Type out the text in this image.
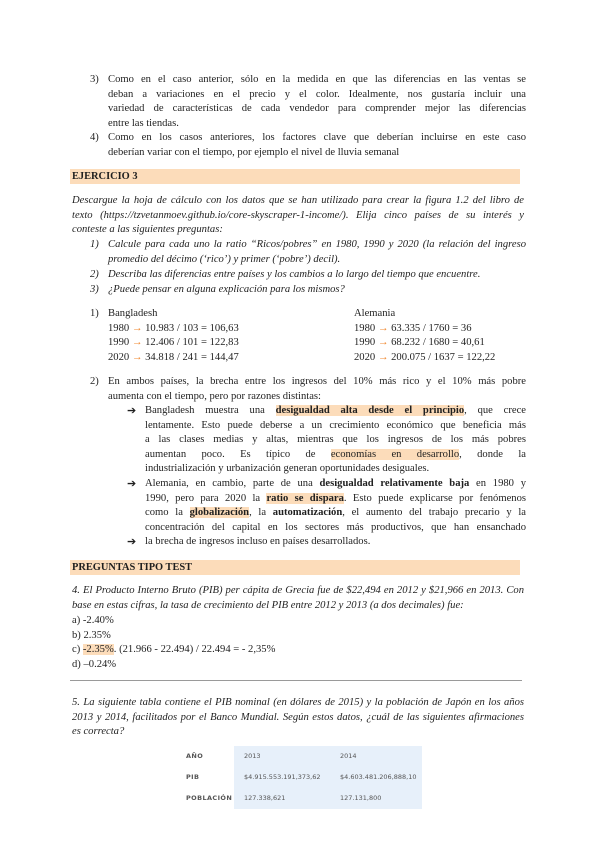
3) Como en el caso anterior, sólo en la medida en que las diferencias en las ventas se
deban a variaciones en el precio y el color. Idealmente, nos gustaría incluir una
variedad de características de cada vendedor para comprender mejor las diferencias
entre las tiendas.
4) Como en los casos anteriores, los factores clave que deberían incluirse en este caso
deberían variar con el tiempo, por ejemplo el nivel de lluvia semanal
EJERCICIO 3
Descargue la hoja de cálculo con los datos que se han utilizado para crear la figura 1.2 del libro de
texto (https://tzvetanmoev.github.io/core-skyscraper-1-income/). Elija cinco países de su interés y
conteste a las siguientes preguntas:
1) Calcule para cada uno la ratio “Ricos/pobres” en 1980, 1990 y 2020 (la relación del ingreso
promedio del décimo (‘rico’) y primer (‘pobre’) decil).
2) Describa las diferencias entre países y los cambios a lo largo del tiempo que encuentre.
3) ¿Puede pensar en alguna explicación para los mismos?
1) Bangladesh
1980 → 10.983 / 103 = 106,63
1990 → 12.406 / 101 = 122,83
2020 → 34.818 / 241 = 144,47
Alemania
1980 → 63.335 / 1760 = 36
1990 → 68.232 / 1680 = 40,61
2020 → 200.075 / 1637 = 122,22
2) En ambos países, la brecha entre los ingresos del 10% más rico y el 10% más pobre
aumenta con el tiempo, pero por razones distintas:
➔ Bangladesh muestra una desigualdad alta desde el principio, que crece
lentamente. Esto puede deberse a un crecimiento económico que beneficia más
a las clases medias y altas, mientras que los ingresos de los más pobres
aumentan poco. Es típico de economías en desarrollo, donde la
industrialización y urbanización generan oportunidades desiguales.
➔ Alemania, en cambio, parte de una desigualdad relativamente baja en 1980 y
1990, pero para 2020 la ratio se dispara. Esto puede explicarse por fenómenos
como la globalización, la automatización, el aumento del trabajo precario y la
concentración del capital en los sectores más productivos, que han ensanchado
➔ la brecha de ingresos incluso en países desarrollados.
PREGUNTAS TIPO TEST
4. El Producto Interno Bruto (PIB) per cápita de Grecia fue de $22,494 en 2012 y $21,966 en 2013. Con
base en estas cifras, la tasa de crecimiento del PIB entre 2012 y 2013 (a dos decimales) fue:
a) -2.40%
b) 2.35%
c) -2.35%. (21.966 - 22.494) / 22.494 = - 2,35%
d) –0.24%
5. La siguiente tabla contiene el PIB nominal (en dólares de 2015) y la población de Japón en los años
2013 y 2014, facilitados por el Banco Mundial. Según estos datos, ¿cuál de las siguientes afirmaciones
es correcta?
AÑO	2013	2014
PIB	$4.915.553.191,373,62	$4.603.481.206,888,10
POBLACIÓN	127.338,621	127.131,800
